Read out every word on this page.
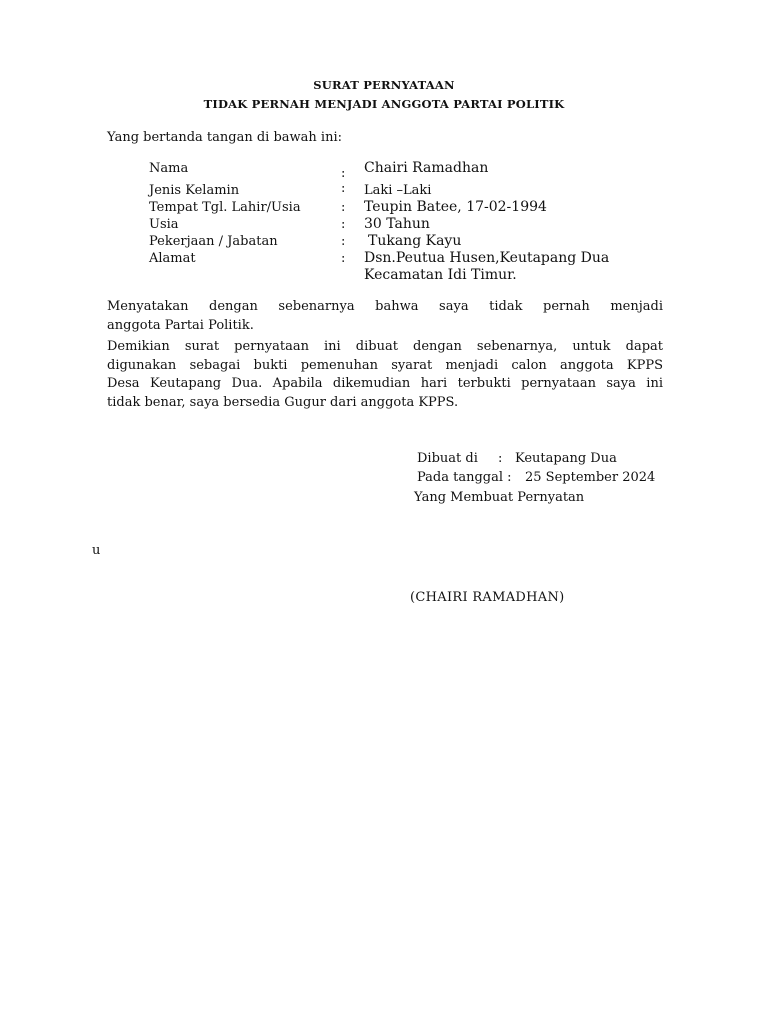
SURAT PERNYATAAN
TIDAK PERNAH MENJADI ANGGOTA PARTAI POLITIK
Yang bertanda tangan di bawah ini:
Nama	: Chairi Ramadhan
Jenis Kelamin	: Laki –Laki
Tempat Tgl. Lahir/Usia	: Teupin Batee, 17-02-1994
Usia	: 30 Tahun
Pekerjaan / Jabatan	: Tukang Kayu
Alamat	: Dsn.Peutua Husen,Keutapang Dua
Kecamatan Idi Timur.
Menyatakan dengan sebenarnya bahwa saya tidak pernah menjadi
anggota Partai Politik.
Demikian surat pernyataan ini dibuat dengan sebenarnya, untuk dapat
digunakan sebagai bukti pemenuhan syarat menjadi calon anggota KPPS
Desa Keutapang Dua. Apabila dikemudian hari terbukti pernyataan saya ini
tidak benar, saya bersedia Gugur dari anggota KPPS.
Dibuat di : Keutapang Dua
Pada tanggal : 25 September 2024
Yang Membuat Pernyatan
u
(CHAIRI RAMADHAN)
